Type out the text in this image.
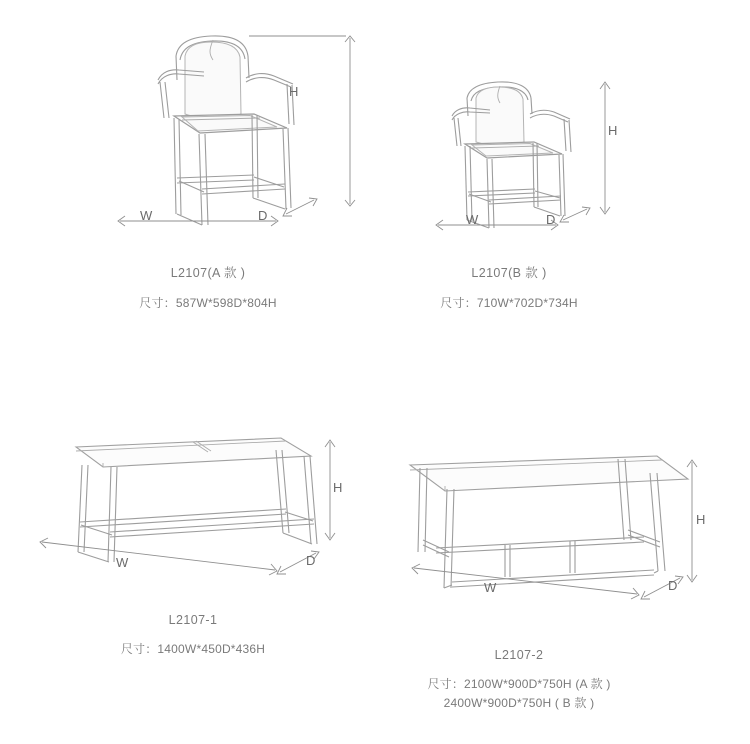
H
W	D
L2107(A 款 )
尺寸：587W*598D*804H
H
W	D
L2107(B 款 )
尺寸：710W*702D*734H
H
W	D
L2107-1
尺寸：1400W*450D*436H
H
W	D
L2107-2
尺寸：2100W*900D*750H (A 款 )
2400W*900D*750H ( B 款 )
